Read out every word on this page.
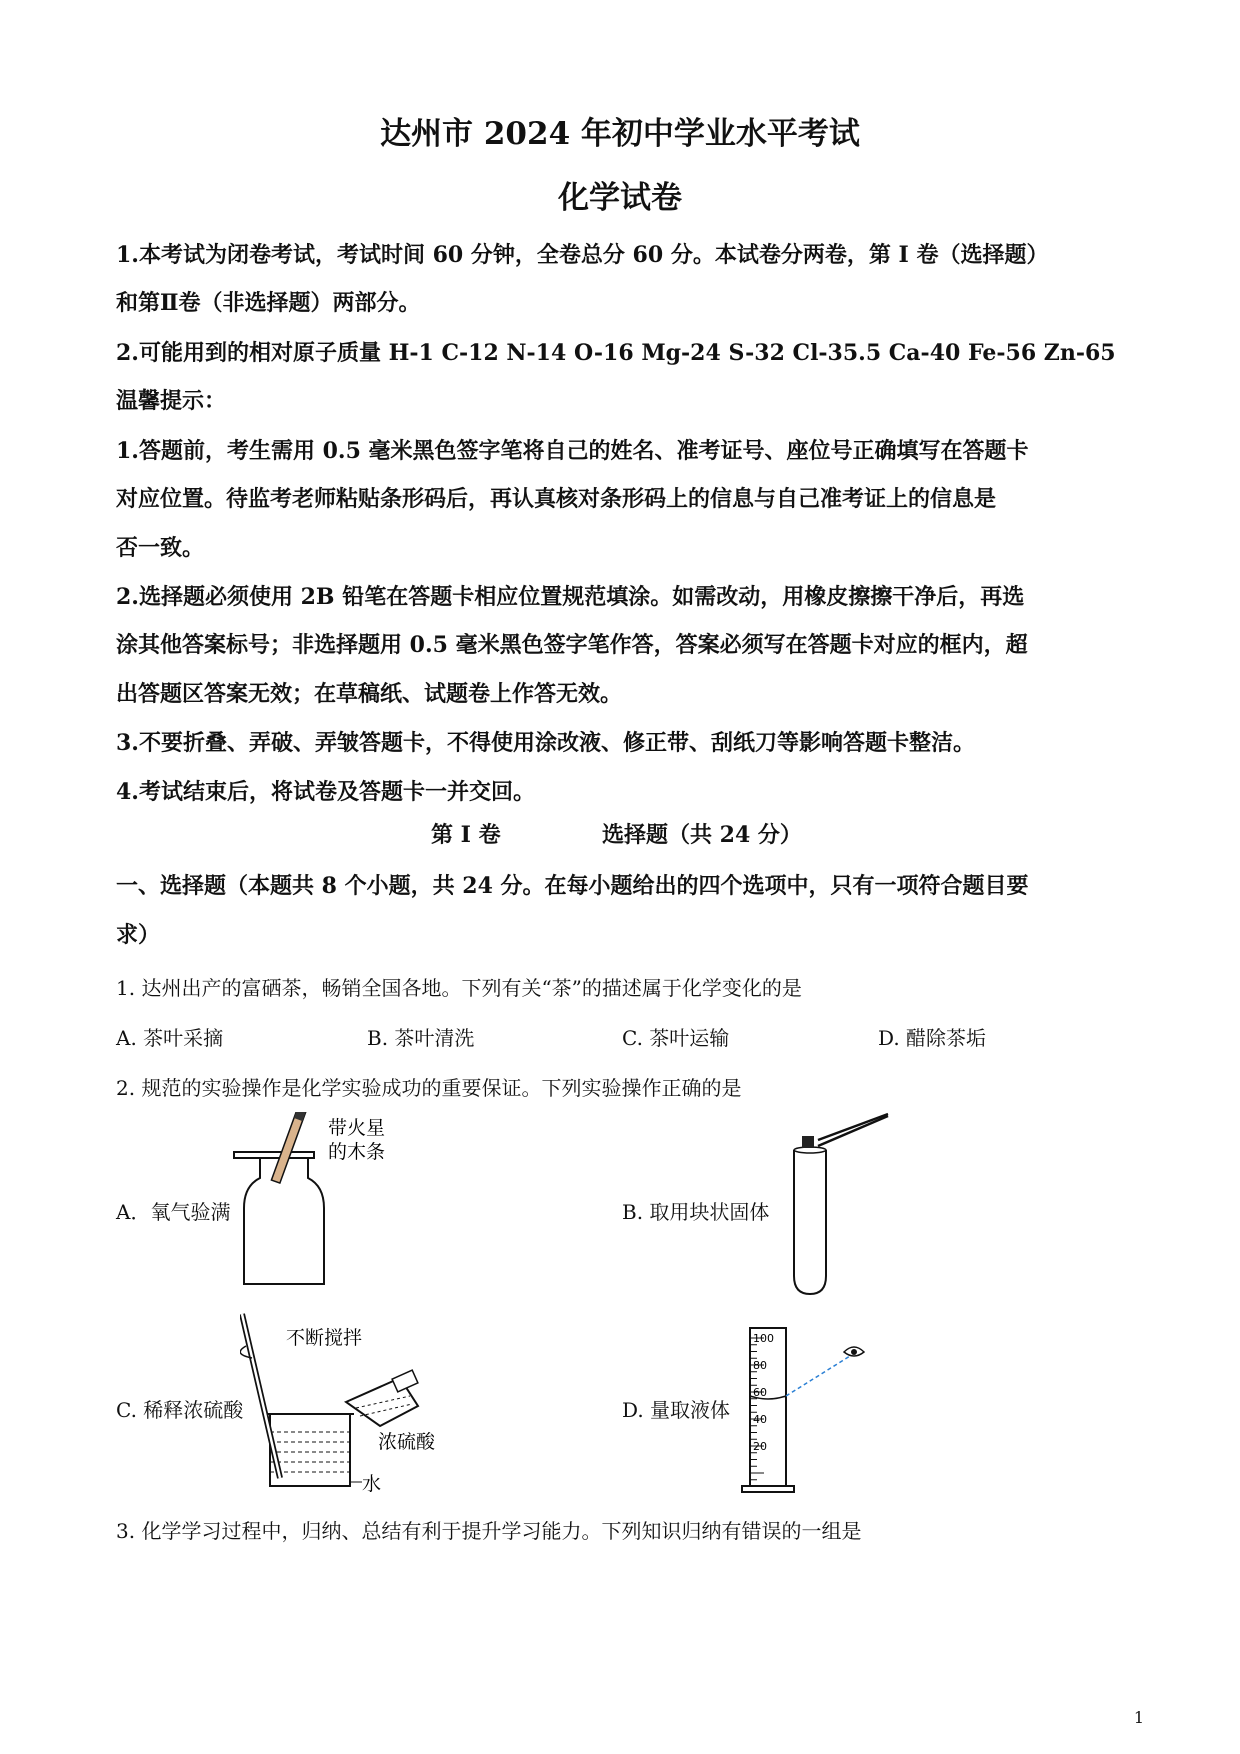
达州市 2024 年初中学业水平考试
化学试卷
1.本考试为闭卷考试，考试时间 60 分钟，全卷总分 60 分。本试卷分两卷，第 I 卷（选择题）
和第Ⅱ卷（非选择题）两部分。
2.可能用到的相对原子质量 H-1 C-12 N-14 O-16 Mg-24 S-32 Cl-35.5 Ca-40 Fe-56 Zn-65
温馨提示：
1.答题前，考生需用 0.5 毫米黑色签字笔将自己的姓名、准考证号、座位号正确填写在答题卡
对应位置。待监考老师粘贴条形码后，再认真核对条形码上的信息与自己准考证上的信息是
否一致。
2.选择题必须使用 2B 铅笔在答题卡相应位置规范填涂。如需改动，用橡皮擦擦干净后，再选
涂其他答案标号；非选择题用 0.5 毫米黑色签字笔作答，答案必须写在答题卡对应的框内，超
出答题区答案无效；在草稿纸、试题卷上作答无效。
3.不要折叠、弄破、弄皱答题卡，不得使用涂改液、修正带、刮纸刀等影响答题卡整洁。
4.考试结束后，将试卷及答题卡一并交回。
第 I 卷	选择题（共 24 分）
一、选择题（本题共 8 个小题，共 24 分。在每小题给出的四个选项中，只有一项符合题目要
求）
1. 达州出产的富硒茶，畅销全国各地。下列有关“茶”的描述属于化学变化的是
A. 茶叶采摘	B. 茶叶清洗	C. 茶叶运输	D. 醋除茶垢
2. 规范的实验操作是化学实验成功的重要保证。下列实验操作正确的是
A．氧气验满	B. 取用块状固体
C. 稀释浓硫酸	D. 量取液体
带火星
的木条
不断搅拌
浓硫酸
水
100
80
60
40
20
3. 化学学习过程中，归纳、总结有利于提升学习能力。下列知识归纳有错误的一组是
1
